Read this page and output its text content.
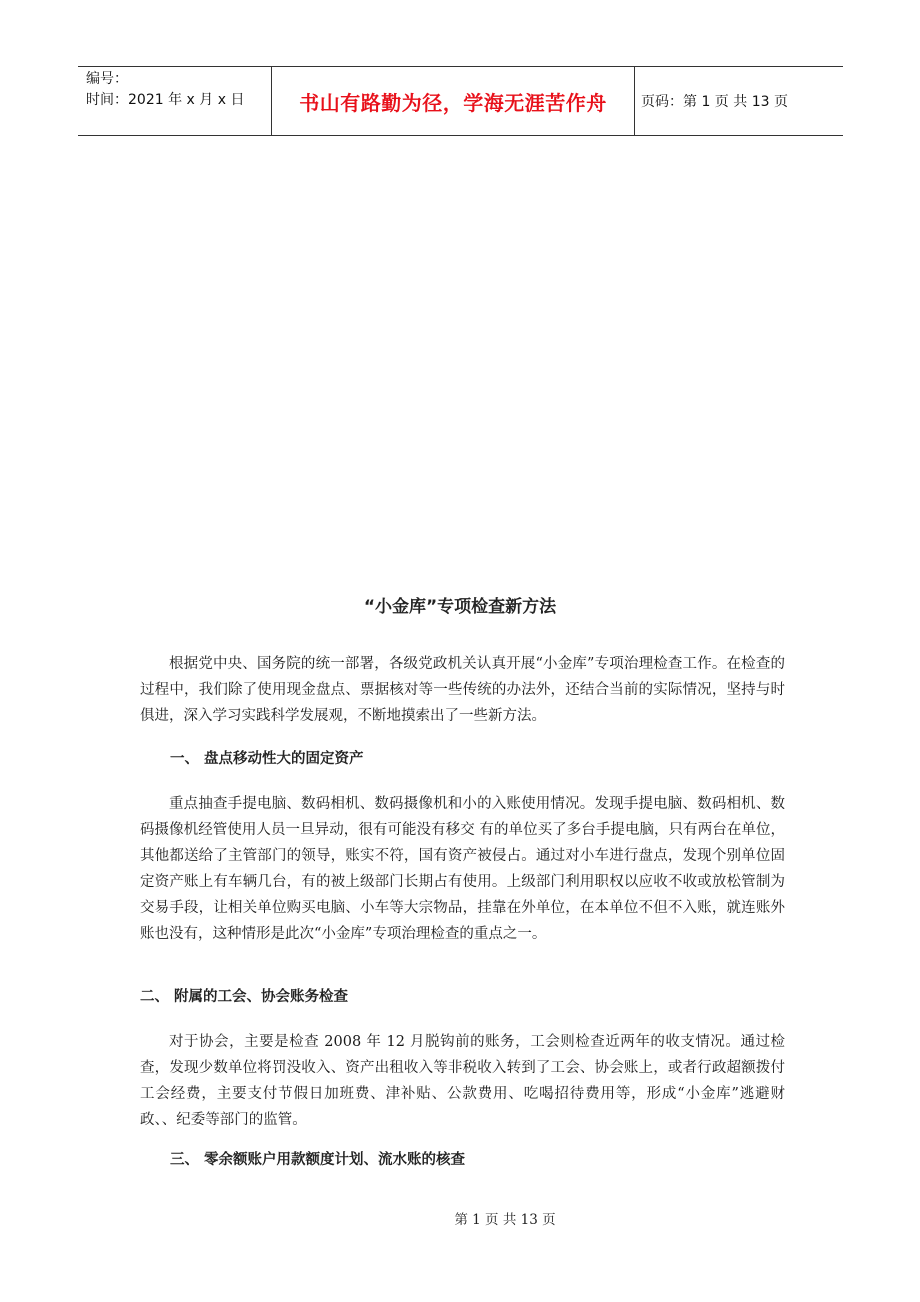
编号：
时间：2021 年 x 月 x 日	书山有路勤为径，学海无涯苦作舟	页码：第 1 页 共 13 页
“小金库”专项检查新方法
根据党中央、国务院的统一部署，各级党政机关认真开展“小金库”专项治理检查工作。在检查的过程中，我们除了使用现金盘点、票据核对等一些传统的办法外，还结合当前的实际情况，坚持与时俱进，深入学习实践科学发展观，不断地摸索出了一些新方法。
一、 盘点移动性大的固定资产
重点抽查手提电脑、数码相机、数码摄像机和小的入账使用情况。发现手提电脑、数码相机、数码摄像机经管使用人员一旦异动，很有可能没有移交 有的单位买了多台手提电脑，只有两台在单位，其他都送给了主管部门的领导，账实不符，国有资产被侵占。通过对小车进行盘点，发现个别单位固定资产账上有车辆几台，有的被上级部门长期占有使用。上级部门利用职权以应收不收或放松管制为交易手段，让相关单位购买电脑、小车等大宗物品，挂靠在外单位，在本单位不但不入账，就连账外账也没有，这种情形是此次“小金库”专项治理检查的重点之一。
二、 附属的工会、协会账务检查
对于协会，主要是检查 2008 年 12 月脱钩前的账务，工会则检查近两年的收支情况。通过检查，发现少数单位将罚没收入、资产出租收入等非税收入转到了工会、协会账上，或者行政超额拨付工会经费，主要支付节假日加班费、津补贴、公款费用、吃喝招待费用等，形成“小金库”逃避财政、、纪委等部门的监管。
三、 零余额账户用款额度计划、流水账的核查
第 1 页 共 13 页
